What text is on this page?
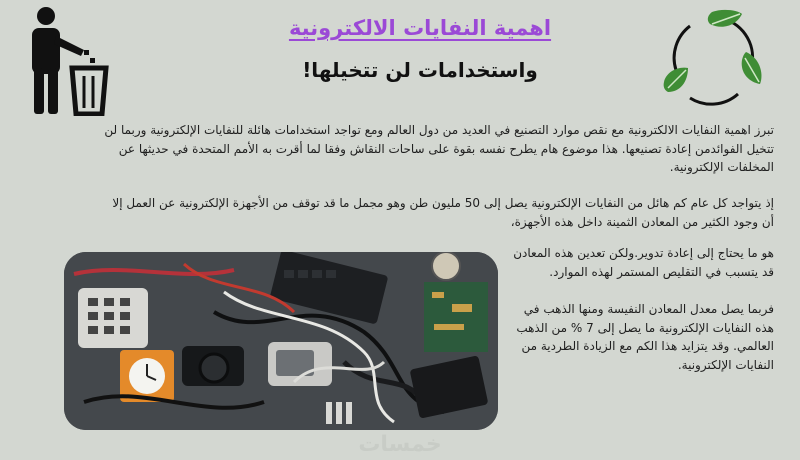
اهمية النفايات الالكترونية
واستخدامات لن تتخيلها!
تبرز اهمية النفايات الالكترونية مع نقص موارد التصنيع في العديد من دول العالم ومع تواجد استخدامات هائلة للنفايات الإلكترونية وربما لن تتخيل الفوائدمن إعادة تصنيعها. هذا موضوع هام يطرح نفسه بقوة على ساحات النقاش وفقا لما أقرت به الأمم المتحدة في حديثها عن المخلفات الإلكترونية.
إذ يتواجد كل عام كم هائل من النفايات الإلكترونية يصل إلى 50 مليون طن وهو مجمل ما قد توقف من الأجهزة الإلكترونية عن العمل إلا أن وجود الكثير من المعادن الثمينة داخل هذه الأجهزة،
هو ما يحتاج إلى إعادة تدوير.ولكن تعدين هذه المعادن قد يتسبب في التقليص المستمر لهذه الموارد.
فربما يصل معدل المعادن النفيسة ومنها الذهب في هذه النفايات الإلكترونية ما يصل إلى 7 % من الذهب العالمي. وقد يتزايد هذا الكم مع الزيادة الطردية من النفايات الإلكترونية.
خمسات
